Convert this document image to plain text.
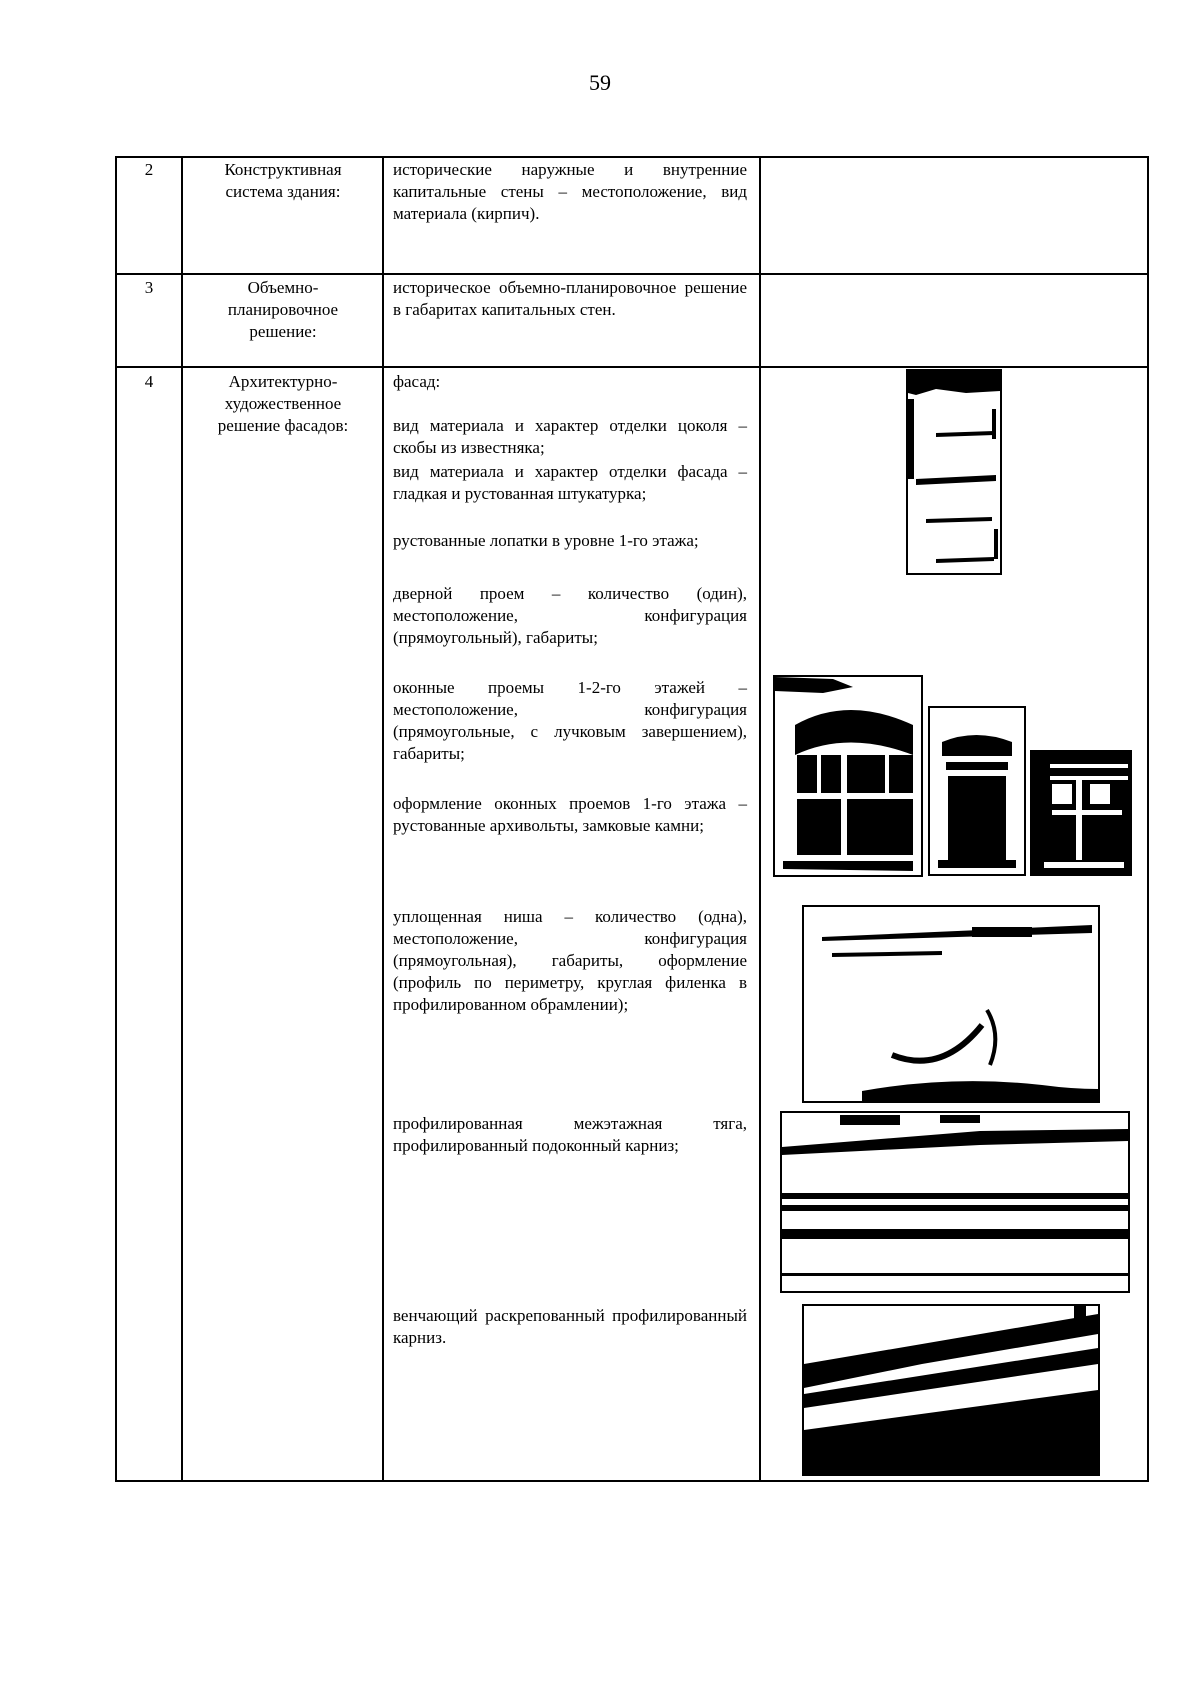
59
2	Конструктивная система здания:
исторические наружные и внутренние капитальные стены – местоположение, вид материала (кирпич).
3	Объемно-планировочное решение:
историческое объемно-планировочное решение в габаритах капитальных стен.
4	Архитектурно-художественное решение фасадов:
фасад:
вид материала и характер отделки цоколя – скобы из известняка;
вид материала и характер отделки фасада – гладкая и рустованная штукатурка;
рустованные лопатки в уровне 1-го этажа;
дверной проем – количество (один), местоположение, конфигурация (прямоугольный), габариты;
оконные проемы 1-2-го этажей – местоположение, конфигурация (прямоугольные, с лучковым завершением), габариты;
оформление оконных проемов 1-го этажа – рустованные архивольты, замковые камни;
уплощенная ниша – количество (одна), местоположение, конфигурация (прямоугольная), габариты, оформление (профиль по периметру, круглая филенка в профилированном обрамлении);
профилированная межэтажная тяга, профилированный подоконный карниз;
венчающий раскрепованный профилированный карниз.
